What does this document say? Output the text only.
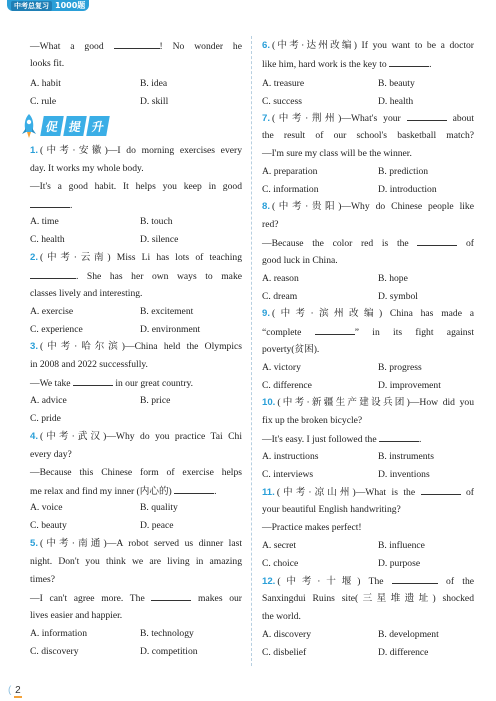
中考总复习 1000题
—What a good	! No wonder he
looks fit.
A. habit	B. idea
C. rule	D. skill
促 提 升
1. (中考·安徽)—I do morning exercises every
day. It works my whole body.
—It's a good habit. It helps you keep in good
.
A. time	B. touch
C. health	D. silence
2. (中考·云南) Miss Li has lots of teaching
. She has her own ways to make
classes lively and interesting.
A. exercise	B. excitement
C. experience	D. environment
3. (中考·哈尔滨)—China held the Olympics
in 2008 and 2022 successfully.
—We take	in our great country.
A. advice	B. price
C. pride
4. (中考·武汉)—Why do you practice Tai Chi
every day?
—Because this Chinese form of exercise helps
me relax and find my inner (内心的)	.
A. voice	B. quality
C. beauty	D. peace
5. (中考·南通)—A robot served us dinner last
night. Don't you think we are living in amazing
times?
—I can't agree more. The	makes our
lives easier and happier.
A. information	B. technology
C. discovery	D. competition
6. (中考·达州改编) If you want to be a doctor
like him, hard work is the key to	.
A. treasure	B. beauty
C. success	D. health
7. (中考·荆州)—What's your	about
the result of our school's basketball match?
—I'm sure my class will be the winner.
A. preparation	B. prediction
C. information	D. introduction
8. (中考·贵阳)—Why do Chinese people like
red?
—Because the color red is the	of
good luck in China.
A. reason	B. hope
C. dream	D. symbol
9. (中考·滨州改编) China has made a
“complete	” in its fight against
poverty(贫困).
A. victory	B. progress
C. difference	D. improvement
10. (中考·新疆生产建设兵团)—How did you
fix up the broken bicycle?
—It's easy. I just followed the	.
A. instructions	B. instruments
C. interviews	D. inventions
11. (中考·凉山州)—What is the	of
your beautiful English handwriting?
—Practice makes perfect!
A. secret	B. influence
C. choice	D. purpose
12. (中考·十堰) The	of the
Sanxingdui Ruins site(三星堆遗址) shocked
the world.
A. discovery	B. development
C. disbelief	D. difference
( 2
